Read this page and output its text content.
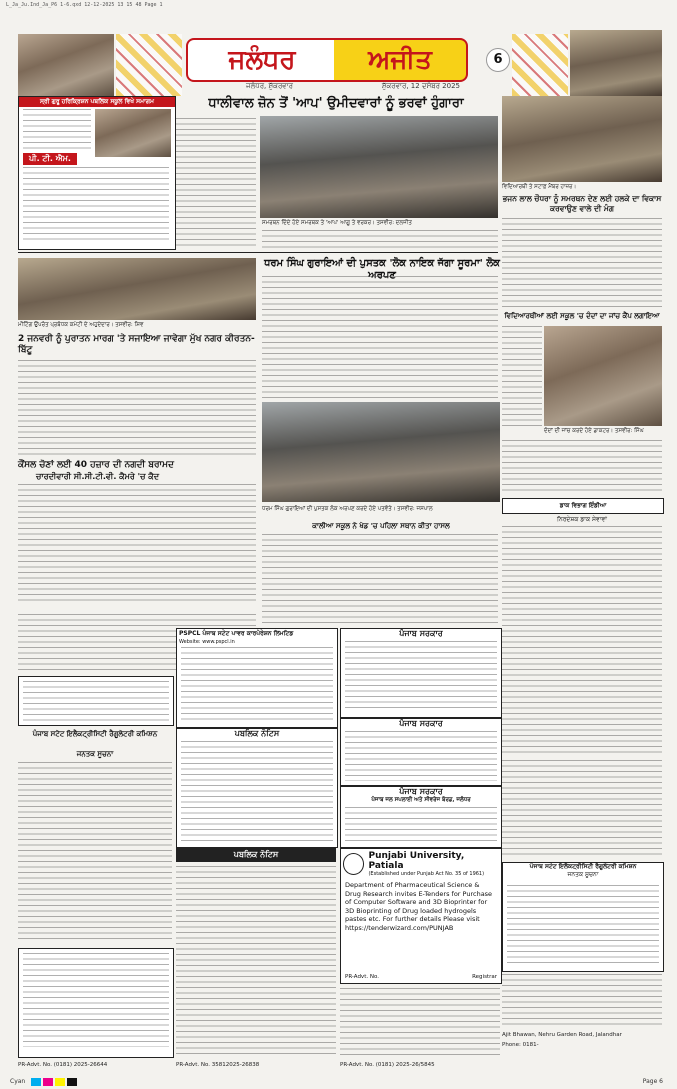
L_Ja_Ju.Ind_Ja_P6 1-6.qxd 12-12-2025 13 15 48 Page 1
ਜਲੰਧਰ	ਅਜੀਤ
ਜਲੰਧਰ, ਸ਼ੁੱਕਰਵਾਰ	ਸ਼ੁੱਕਰਵਾਰ, 12 ਦਸੰਬਰ 2025
6
ਸ੍ਰੀ ਗੁਰੂ ਹਰਿਕ੍ਰਿਸ਼ਨ ਪਬਲਿਕ ਸਕੂਲ ਵਿਖੇ ਸਮਾਗਮ
ਪੀ. ਟੀ. ਐਮ.
ਧਾਲੀਵਾਲ ਜ਼ੋਨ ਤੋਂ 'ਆਪ' ਉਮੀਦਵਾਰਾਂ ਨੂੰ ਭਰਵਾਂ ਹੁੰਗਾਰਾ
ਸਮਰਥਨ ਦਿੰਦੇ ਹੋਏ ਸਮਰਥਕ ਤੇ 'ਆਪ' ਆਗੂ ਤੇ ਵਰਕਰ। ਤਸਵੀਰ: ਦਲਜੀਤ
ਵਿਦਿਆਰਥੀ ਤੇ ਸਟਾਫ਼ ਮੈਂਬਰ ਹਾਜ਼ਰ।
ਭਜਨ ਲਾਲ ਚੌਧਰਾ ਨੂੰ ਸਮਰਥਨ ਦੇਣ ਲਈ ਹਲਕੇ ਦਾ ਵਿਕਾਸ ਕਰਵਾਉਣ ਵਾਲੇ ਦੀ ਮੰਗ
ਮੀਟਿੰਗ ਉਪਰੰਤ ਪ੍ਰਬੰਧਕ ਕਮੇਟੀ ਦੇ ਅਹੁਦੇਦਾਰ। ਤਸਵੀਰ: ਸ਼ਿਵ
2 ਜਨਵਰੀ ਨੂੰ ਪੁਰਾਤਨ ਮਾਰਗ 'ਤੇ ਸਜਾਇਆ ਜਾਵੇਗਾ ਮੁੱਖ ਨਗਰ ਕੀਰਤਨ-ਬਿੱਟੂ
ਕੌਂਸਲ ਚੋਣਾਂ ਲਈ 40 ਹਜ਼ਾਰ ਦੀ ਨਗਦੀ ਬਰਾਮਦ
ਚਾਰਦੀਵਾਰੀ ਸੀ.ਸੀ.ਟੀ.ਵੀ. ਕੈਮਰੇ 'ਚ ਕੈਦ
ਧਰਮ ਸਿੰਘ ਗੁਰਾਇਆਂ ਦੀ ਪੁਸਤਕ 'ਲੋਕ ਨਾਇਕ ਜੱਗਾ ਸੂਰਮਾ' ਲੋਕ ਅਰਪਣ
ਧਰਮ ਸਿੰਘ ਗੁਰਾਇਆਂ ਦੀ ਪੁਸਤਕ ਲੋਕ ਅਰਪਣ ਕਰਦੇ ਹੋਏ ਪਤਵੰਤੇ। ਤਸਵੀਰ: ਜਸਪਾਲ
ਵਿਦਿਆਰਥੀਆਂ ਲਈ ਸਕੂਲ 'ਚ ਦੰਦਾਂ ਦਾ ਜਾਂਚ ਕੈਂਪ ਲਗਾਇਆ
ਦੰਦਾਂ ਦੀ ਜਾਂਚ ਕਰਦੇ ਹੋਏ ਡਾਕਟਰ। ਤਸਵੀਰ: ਸਿੰਘ
ਕਾਲੀਆ ਸਕੂਲ ਨੇ ਖੇਡ 'ਚ ਪਹਿਲਾ ਸਥਾਨ ਕੀਤਾ ਹਾਸਲ
ਡਾਕ ਵਿਭਾਗ ਇੰਡੀਆ
ਨਿਰਦੇਸ਼ਕ ਡਾਕ ਸੇਵਾਵਾਂ
ਪੰਜਾਬ ਸਰਕਾਰ
ਪੰਜਾਬ ਸਰਕਾਰ
ਪੰਜਾਬ ਸਰਕਾਰ
ਪੰਜਾਬ ਜਲ ਸਪਲਾਈ ਅਤੇ ਸੀਵਰੇਜ ਬੋਰਡ, ਜਲੰਧਰ
Punjabi University, Patiala
(Established under Punjab Act No. 35 of 1961)
Department of Pharmaceutical Science & Drug Research invites E-Tenders for Purchase of Computer Software and 3D Bioprinter for 3D Bioprinting of Drug loaded hydrogels pastes etc. For further details Please visit https://tenderwizard.com/PUNJAB
PR-Advt. No.	Registrar
PSPCL ਪੰਜਾਬ ਸਟੇਟ ਪਾਵਰ ਕਾਰਪੋਰੇਸ਼ਨ ਲਿਮਟਿਡ
Website: www.pspcl.in
ਪਬਲਿਕ ਨੋਟਿਸ
ਪਬਲਿਕ ਨੋਟਿਸ
ਪੰਜਾਬ ਸਟੇਟ ਇਲੈਕਟ੍ਰੀਸਿਟੀ ਰੈਗੂਲੇਟਰੀ ਕਮਿਸ਼ਨ
ਜਨਤਕ ਸੂਚਨਾ
ਪੰਜਾਬ ਸਟੇਟ ਇਲੈਕਟ੍ਰੀਸਿਟੀ ਰੈਗੂਲੇਟਰੀ ਕਮਿਸ਼ਨ
ਜਨਤਕ ਸੂਚਨਾ
Ajit Bhawan, Nehru Garden Road, Jalandhar
Phone: 0181-
PR-Advt. No. (0181) 2025-26644	PR-Advt. No. 35812025-26838	PR-Advt. No. (0181) 2025-26/5845
Cyan	Page 6
